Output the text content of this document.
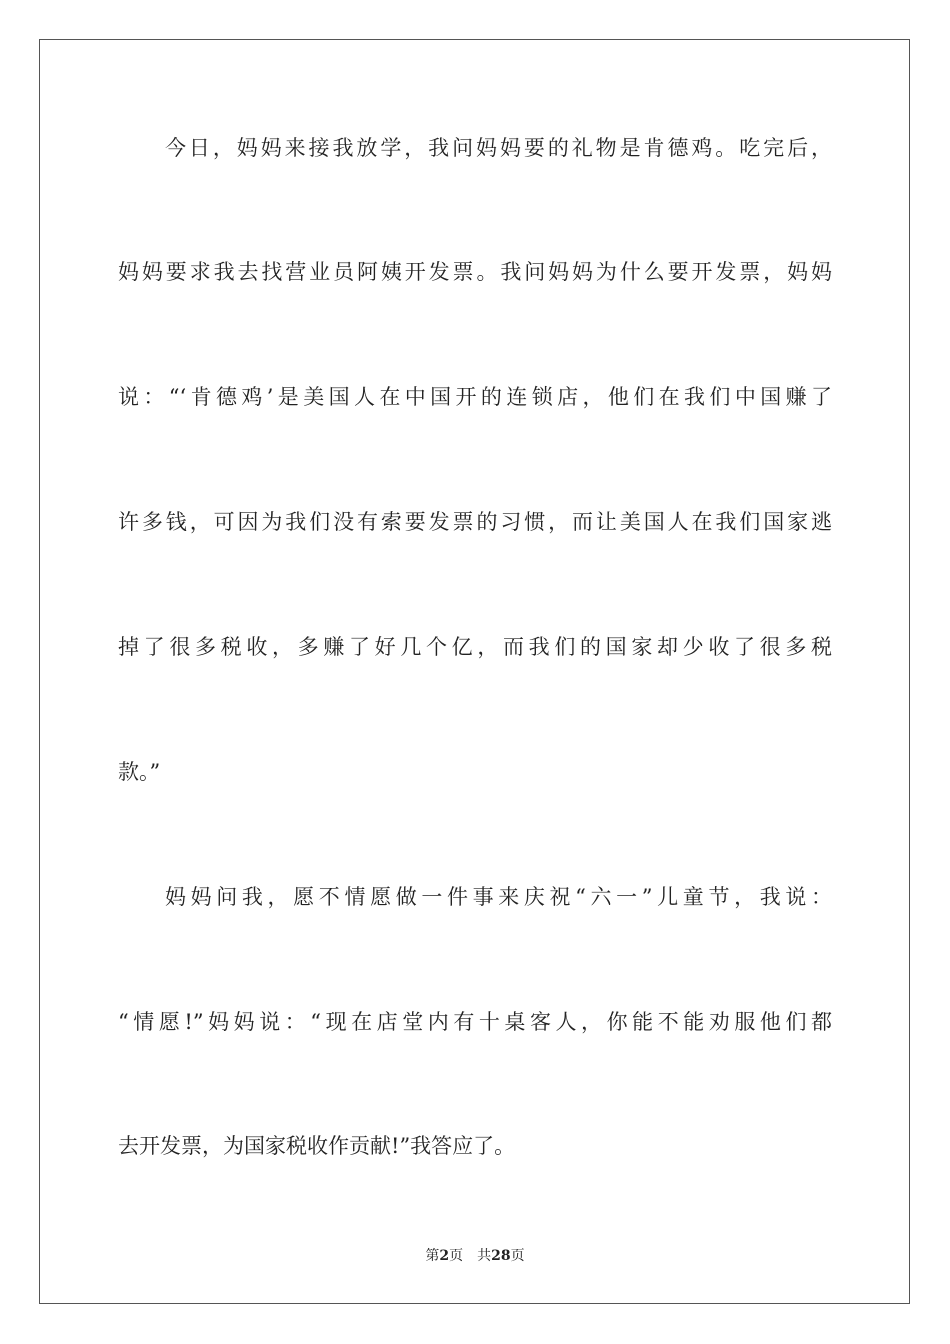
今日，妈妈来接我放学，我问妈妈要的礼物是肯德鸡。吃完后，
妈妈要求我去找营业员阿姨开发票。我问妈妈为什么要开发票，妈妈
说：“‘肯德鸡’是美国人在中国开的连锁店，他们在我们中国赚了
许多钱，可因为我们没有索要发票的习惯，而让美国人在我们国家逃
掉了很多税收，多赚了好几个亿，而我们的国家却少收了很多税
款。”
妈妈问我，愿不情愿做一件事来庆祝“六一”儿童节，我说：
“情愿!”妈妈说：“现在店堂内有十桌客人，你能不能劝服他们都
去开发票，为国家税收作贡献!”我答应了。
第2页 共28页
